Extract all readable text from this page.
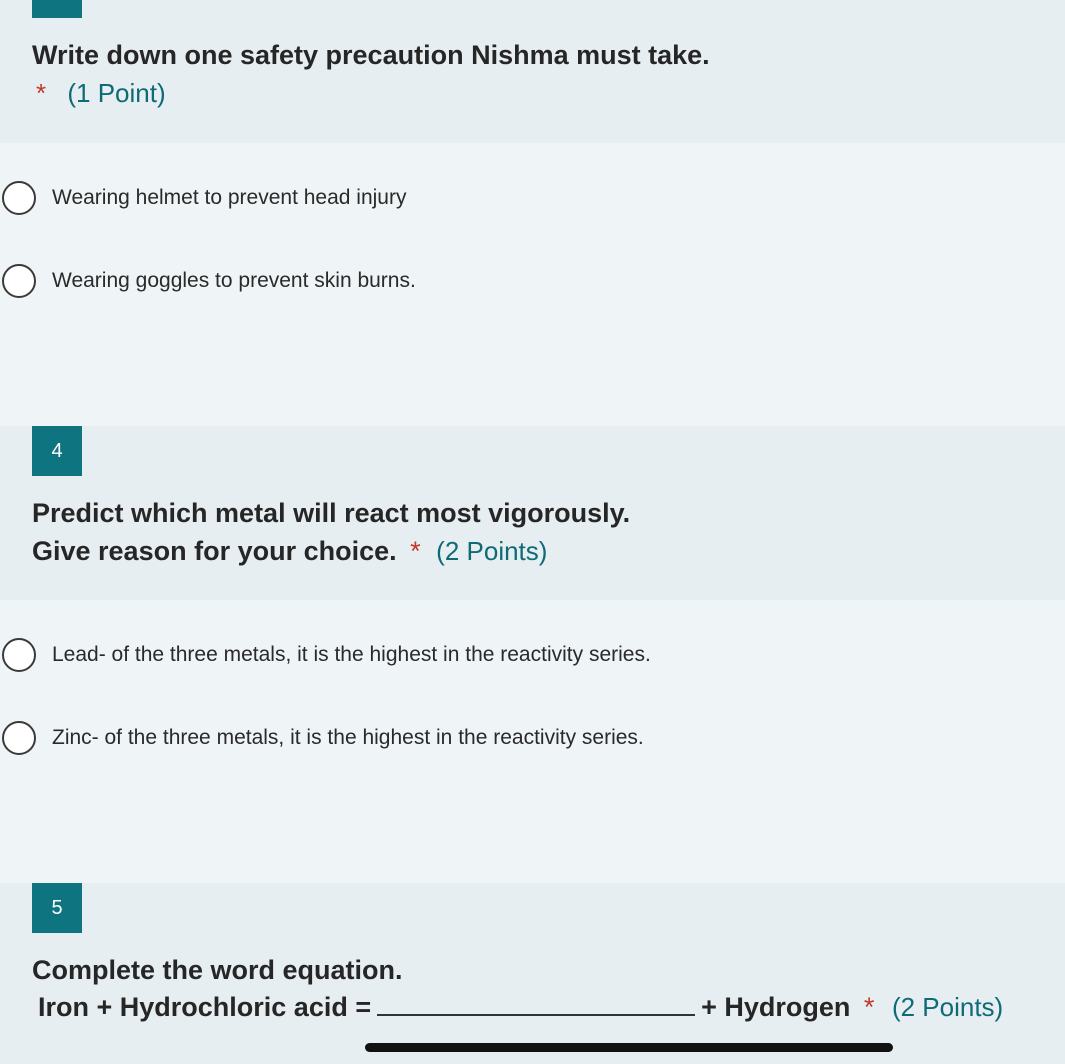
Write down one safety precaution Nishma must take.
* (1 Point)
Wearing helmet to prevent head injury
Wearing goggles to prevent skin burns.
4
Predict which metal will react most vigorously.
Give reason for your choice. * (2 Points)
Lead- of the three metals, it is the highest in the reactivity series.
Zinc- of the three metals, it is the highest in the reactivity series.
5
Complete the word equation.
Iron + Hydrochloric acid =	+ Hydrogen * (2 Points)
